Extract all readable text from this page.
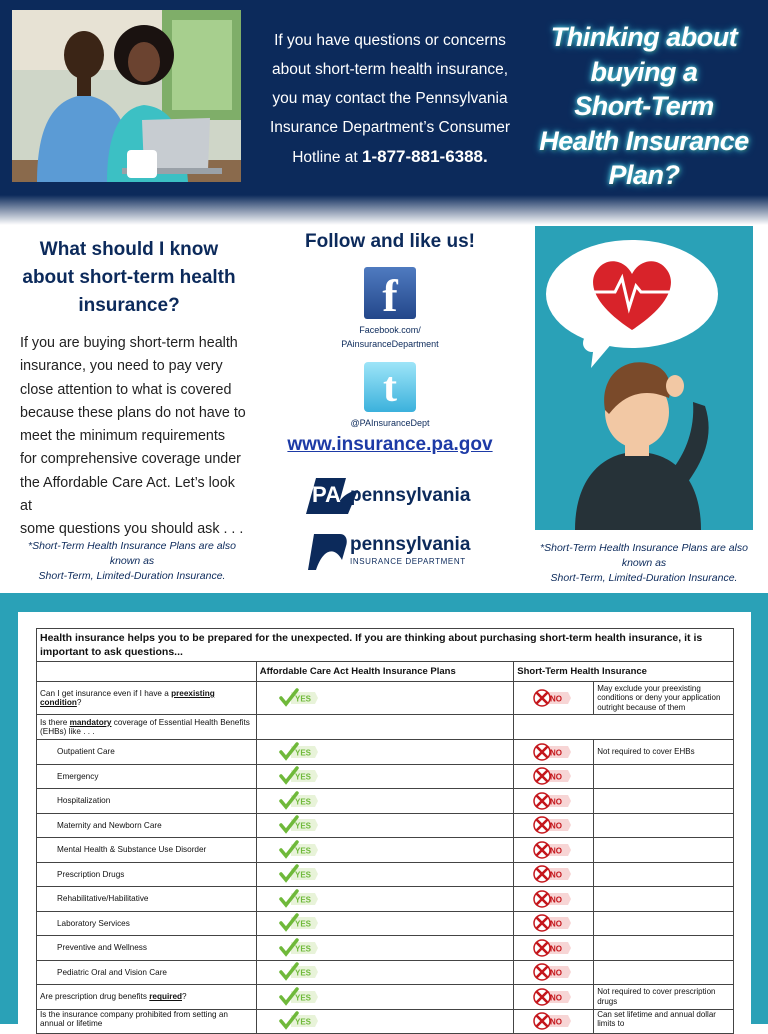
If you have questions or concerns
about short-term health insurance,
you may contact the Pennsylvania
Insurance Department’s Consumer
Hotline at 1-877-881-6388.
Thinking about
buying a
Short-Term
Health Insurance
Plan?
What should I know
about short-term health
insurance?
If you are buying short-term health
insurance, you need to pay very
close attention to what is covered
because these plans do not have to
meet the minimum requirements
for comprehensive coverage under
the Affordable Care Act. Let’s look at
some questions you should ask . . .
*Short-Term Health Insurance Plans are also known as
Short-Term, Limited-Duration Insurance.
Follow and like us!
f
Facebook.com/
PAinsuranceDepartment
t
@PAInsuranceDept
www.insurance.pa.gov
PA pennsylvania
pennsylvania
INSURANCE DEPARTMENT
*Short-Term Health Insurance Plans are also known as
Short-Term, Limited-Duration Insurance.
Health insurance helps you to be prepared for the unexpected. If you are thinking about purchasing short-term health insurance, it is important to ask questions...			
	Affordable Care Act Health Insurance Plans	Short-Term Health Insurance	
Can I get insurance even if I have a preexisting condition?	YES	NO	May exclude your preexisting conditions or deny your application outright because of them
Is there mandatory coverage of Essential Health Benefits (EHBs) like . . .			
Outpatient Care	YES	NO	Not required to cover EHBs
Emergency	YES	NO	

Hospitalization	YES	NO	

Maternity and Newborn Care	YES	NO	

Mental Health & Substance Use Disorder	YES	NO	

Prescription Drugs	YES	NO	

Rehabilitative/Habilitative	YES	NO	

Laboratory Services	YES	NO	

Preventive and Wellness	YES	NO	

Pediatric Oral and Vision Care	YES	NO	

Are prescription drug benefits required?	YES	NO	Not required to cover prescription drugs
Is the insurance company prohibited from setting an annual or lifetime	YES	NO	Can set lifetime and annual dollar limits to
